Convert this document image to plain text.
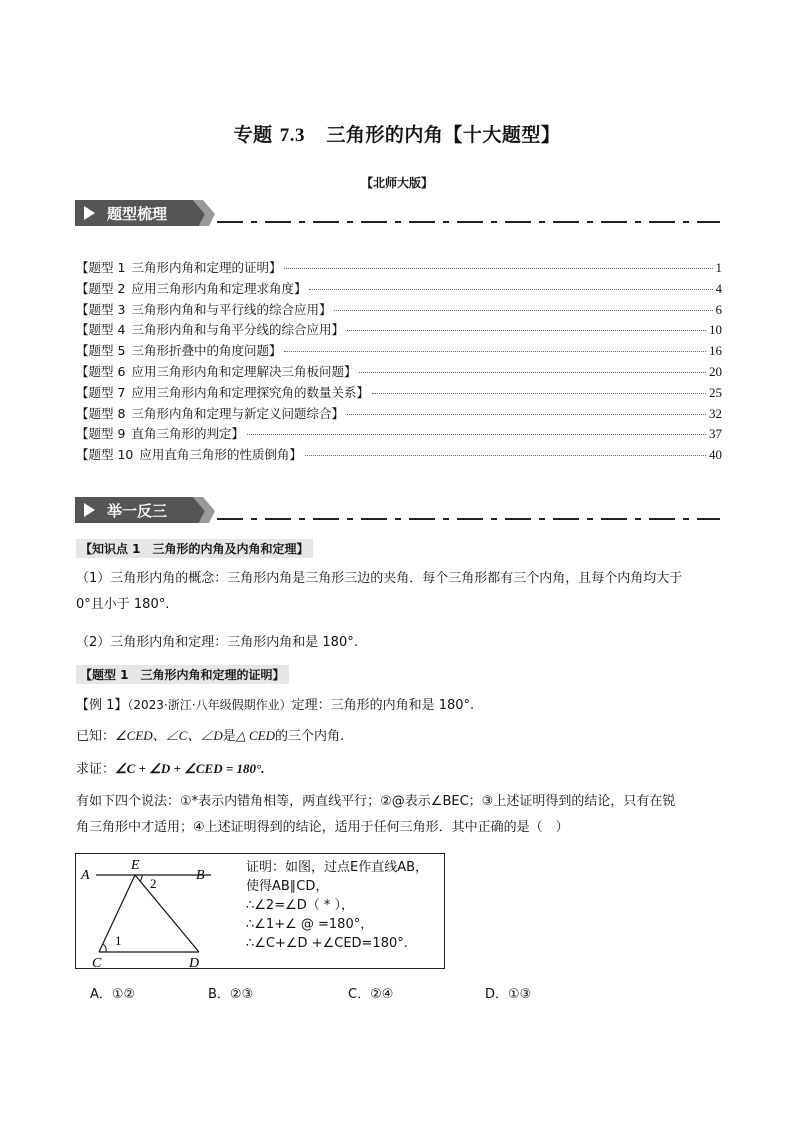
专题 7.3 三角形的内角【十大题型】
【北师大版】
题型梳理
【题型 1 三角形内角和定理的证明】	1
【题型 2 应用三角形内角和定理求角度】	4
【题型 3 三角形内角和与平行线的综合应用】	6
【题型 4 三角形内角和与角平分线的综合应用】	10
【题型 5 三角形折叠中的角度问题】	16
【题型 6 应用三角形内角和定理解决三角板问题】	20
【题型 7 应用三角形内角和定理探究角的数量关系】	25
【题型 8 三角形内角和定理与新定义问题综合】	32
【题型 9 直角三角形的判定】	37
【题型 10 应用直角三角形的性质倒角】	40
举一反三
【知识点 1　三角形的内角及内角和定理】
（1）三角形内角的概念：三角形内角是三角形三边的夹角．每个三角形都有三个内角，且每个内角均大于
0°且小于 180°.
（2）三角形内角和定理：三角形内角和是 180°.
【题型 1　三角形内角和定理的证明】
【例 1】（2023·浙江·八年级假期作业）定理：三角形的内角和是 180°.
已知：∠CED、∠C、∠D是△ CED的三个内角.
求证：∠C + ∠D + ∠CED = 180°.
有如下四个说法：①*表示内错角相等，两直线平行；②@表示∠BEC；③上述证明得到的结论，只有在锐
角三角形中才适用；④上述证明得到的结论，适用于任何三角形．其中正确的是（　）
A
E
B
C	D
1
2
证明：如图，过点E作直线AB，
使得AB∥CD，
∴∠2=∠D（ * ），
∴∠1+∠ @ =180°，
∴∠C+∠D +∠CED=180°.
A．①②	B．②③	C．②④	D．①③
